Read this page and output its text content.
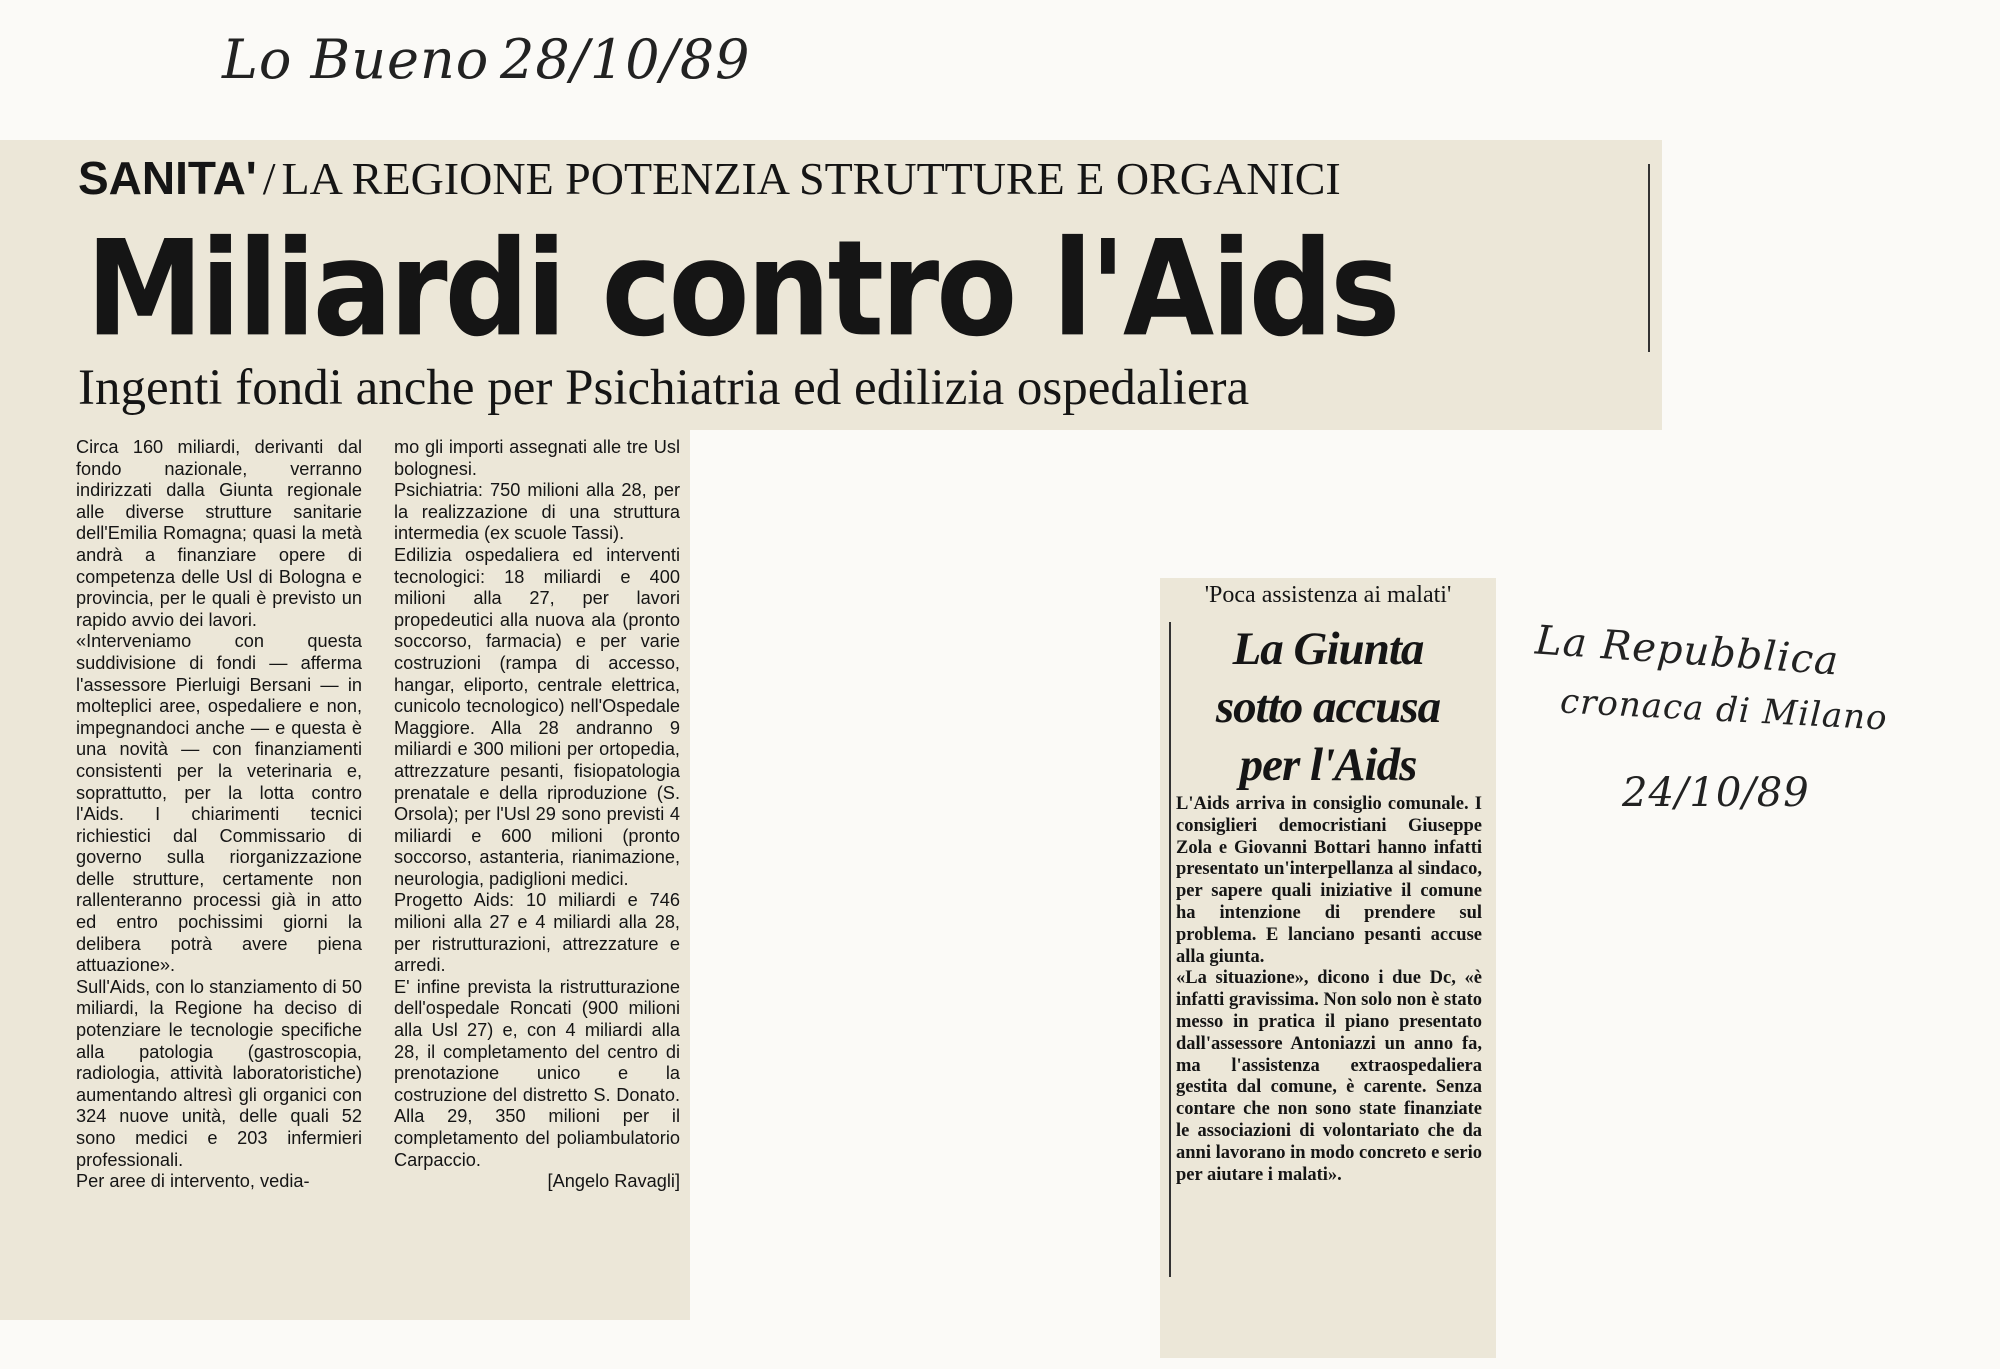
Lo Bueno 28/10/89
La Repubblica
cronaca di Milano
24/10/89
SANITA' / LA REGIONE POTENZIA STRUTTURE E ORGANICI
Miliardi contro l'Aids
Ingenti fondi anche per Psichiatria ed edilizia ospedaliera

Circa 160 miliardi, derivanti dal fondo nazionale, verranno indirizzati dalla Giunta regionale alle diverse strutture sanitarie dell'Emilia Romagna; quasi la metà andrà a finanziare opere di competenza delle Usl di Bologna e provincia, per le quali è previsto un rapido avvio dei lavori.

«Interveniamo con questa suddivisione di fondi — afferma l'assessore Pierluigi Bersani — in molteplici aree, ospedaliere e non, impegnandoci anche — e questa è una novità — con finanziamenti consistenti per la veterinaria e, soprattutto, per la lotta contro l'Aids. I chiarimenti tecnici richiestici dal Commissario di governo sulla riorganizzazione delle strutture, certamente non rallenteranno processi già in atto ed entro pochissimi giorni la delibera potrà avere piena attuazione».

Sull'Aids, con lo stanziamento di 50 miliardi, la Regione ha deciso di potenziare le tecnologie specifiche alla patologia (gastroscopia, radiologia, attività laboratoristiche) aumentando altresì gli organici con 324 nuove unità, delle quali 52 sono medici e 203 infermieri professionali.

Per aree di intervento, vedia-

mo gli importi assegnati alle tre Usl bolognesi.

Psichiatria: 750 milioni alla 28, per la realizzazione di una struttura intermedia (ex scuole Tassi).

Edilizia ospedaliera ed interventi tecnologici: 18 miliardi e 400 milioni alla 27, per lavori propedeutici alla nuova ala (pronto soccorso, farmacia) e per varie costruzioni (rampa di accesso, hangar, eliporto, centrale elettrica, cunicolo tecnologico) nell'Ospedale Maggiore. Alla 28 andranno 9 miliardi e 300 milioni per ortopedia, attrezzature pesanti, fisiopatologia prenatale e della riproduzione (S. Orsola); per l'Usl 29 sono previsti 4 miliardi e 600 milioni (pronto soccorso, astanteria, rianimazione, neurologia, padiglioni medici.

Progetto Aids: 10 miliardi e 746 milioni alla 27 e 4 miliardi alla 28, per ristrutturazioni, attrezzature e arredi.

E' infine prevista la ristrutturazione dell'ospedale Roncati (900 milioni alla Usl 27) e, con 4 miliardi alla 28, il completamento del centro di prenotazione unico e la costruzione del distretto S. Donato. Alla 29, 350 milioni per il completamento del poliambulatorio Carpaccio.

[Angelo Ravagli]

'Poca assistenza ai malati'
La Giunta
sotto accusa
per l'Aids

L'Aids arriva in consiglio comunale. I consiglieri democristiani Giuseppe Zola e Giovanni Bottari hanno infatti presentato un'interpellanza al sindaco, per sapere quali iniziative il comune ha intenzione di prendere sul problema. E lanciano pesanti accuse alla giunta.

«La situazione», dicono i due Dc, «è infatti gravissima. Non solo non è stato messo in pratica il piano presentato dall'assessore Antoniazzi un anno fa, ma l'assistenza extraospedaliera gestita dal comune, è carente. Senza contare che non sono state finanziate le associazioni di volontariato che da anni lavorano in modo concreto e serio per aiutare i malati».
